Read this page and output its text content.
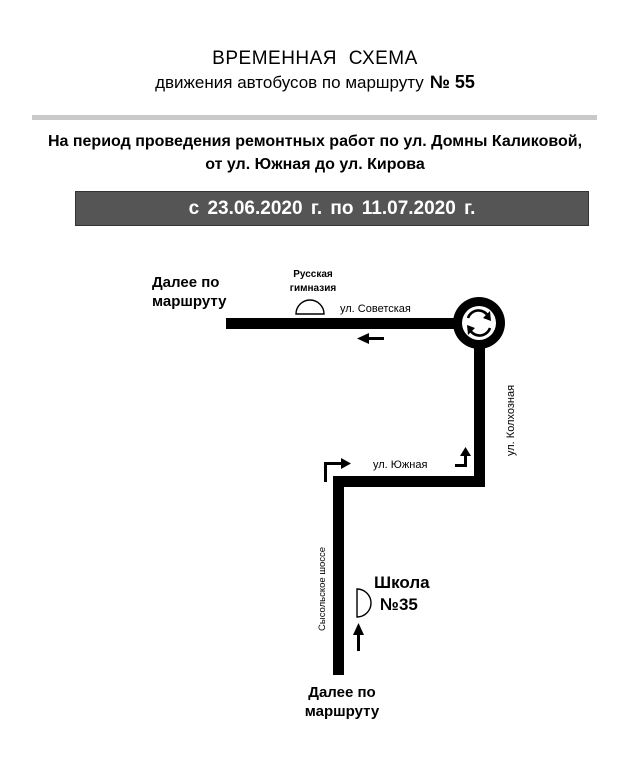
ВРЕМЕННАЯ СХЕМА
движения автобусов по маршруту № 55
На период проведения ремонтных работ по ул. Домны Каликовой,
от ул. Южная до ул. Кирова
с 23.06.2020 г. по 11.07.2020 г.
Далее по
маршруту
Русская
гимназия
ул. Советская
ул. Южная
ул. Колхозная
Сысольское шоссе	Школа
№35
Далее по
маршруту
